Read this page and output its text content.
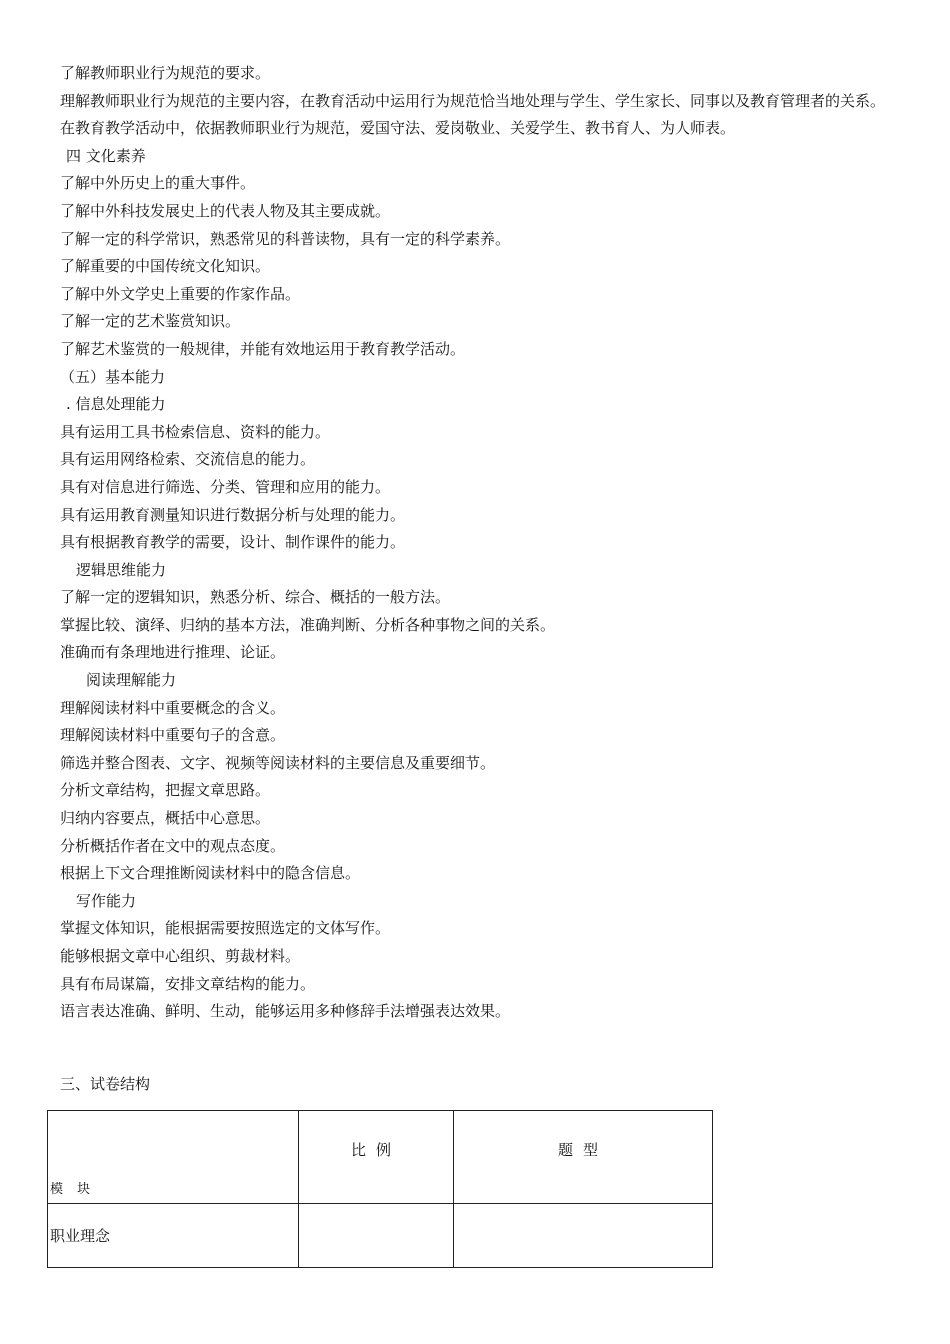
了解教师职业行为规范的要求。
理解教师职业行为规范的主要内容，在教育活动中运用行为规范恰当地处理与学生、学生家长、同事以及教育管理者的关系。
在教育教学活动中，依据教师职业行为规范，爱国守法、爱岗敬业、关爱学生、教书育人、为人师表。
四 文化素养
了解中外历史上的重大事件。
了解中外科技发展史上的代表人物及其主要成就。
了解一定的科学常识，熟悉常见的科普读物，具有一定的科学素养。
了解重要的中国传统文化知识。
了解中外文学史上重要的作家作品。
了解一定的艺术鉴赏知识。
了解艺术鉴赏的一般规律，并能有效地运用于教育教学活动。
（五）基本能力
. 信息处理能力
具有运用工具书检索信息、资料的能力。
具有运用网络检索、交流信息的能力。
具有对信息进行筛选、分类、管理和应用的能力。
具有运用教育测量知识进行数据分析与处理的能力。
具有根据教育教学的需要，设计、制作课件的能力。
逻辑思维能力
了解一定的逻辑知识，熟悉分析、综合、概括的一般方法。
掌握比较、演绎、归纳的基本方法，准确判断、分析各种事物之间的关系。
准确而有条理地进行推理、论证。
阅读理解能力
理解阅读材料中重要概念的含义。
理解阅读材料中重要句子的含意。
筛选并整合图表、文字、视频等阅读材料的主要信息及重要细节。
分析文章结构，把握文章思路。
归纳内容要点，概括中心意思。
分析概括作者在文中的观点态度。
根据上下文合理推断阅读材料中的隐含信息。
写作能力
掌握文体知识，能根据需要按照选定的文体写作。
能够根据文章中心组织、剪裁材料。
具有布局谋篇，安排文章结构的能力。
语言表达准确、鲜明、生动，能够运用多种修辞手法增强表达效果。
三、试卷结构
模 块	比例	题型
职业理念		
